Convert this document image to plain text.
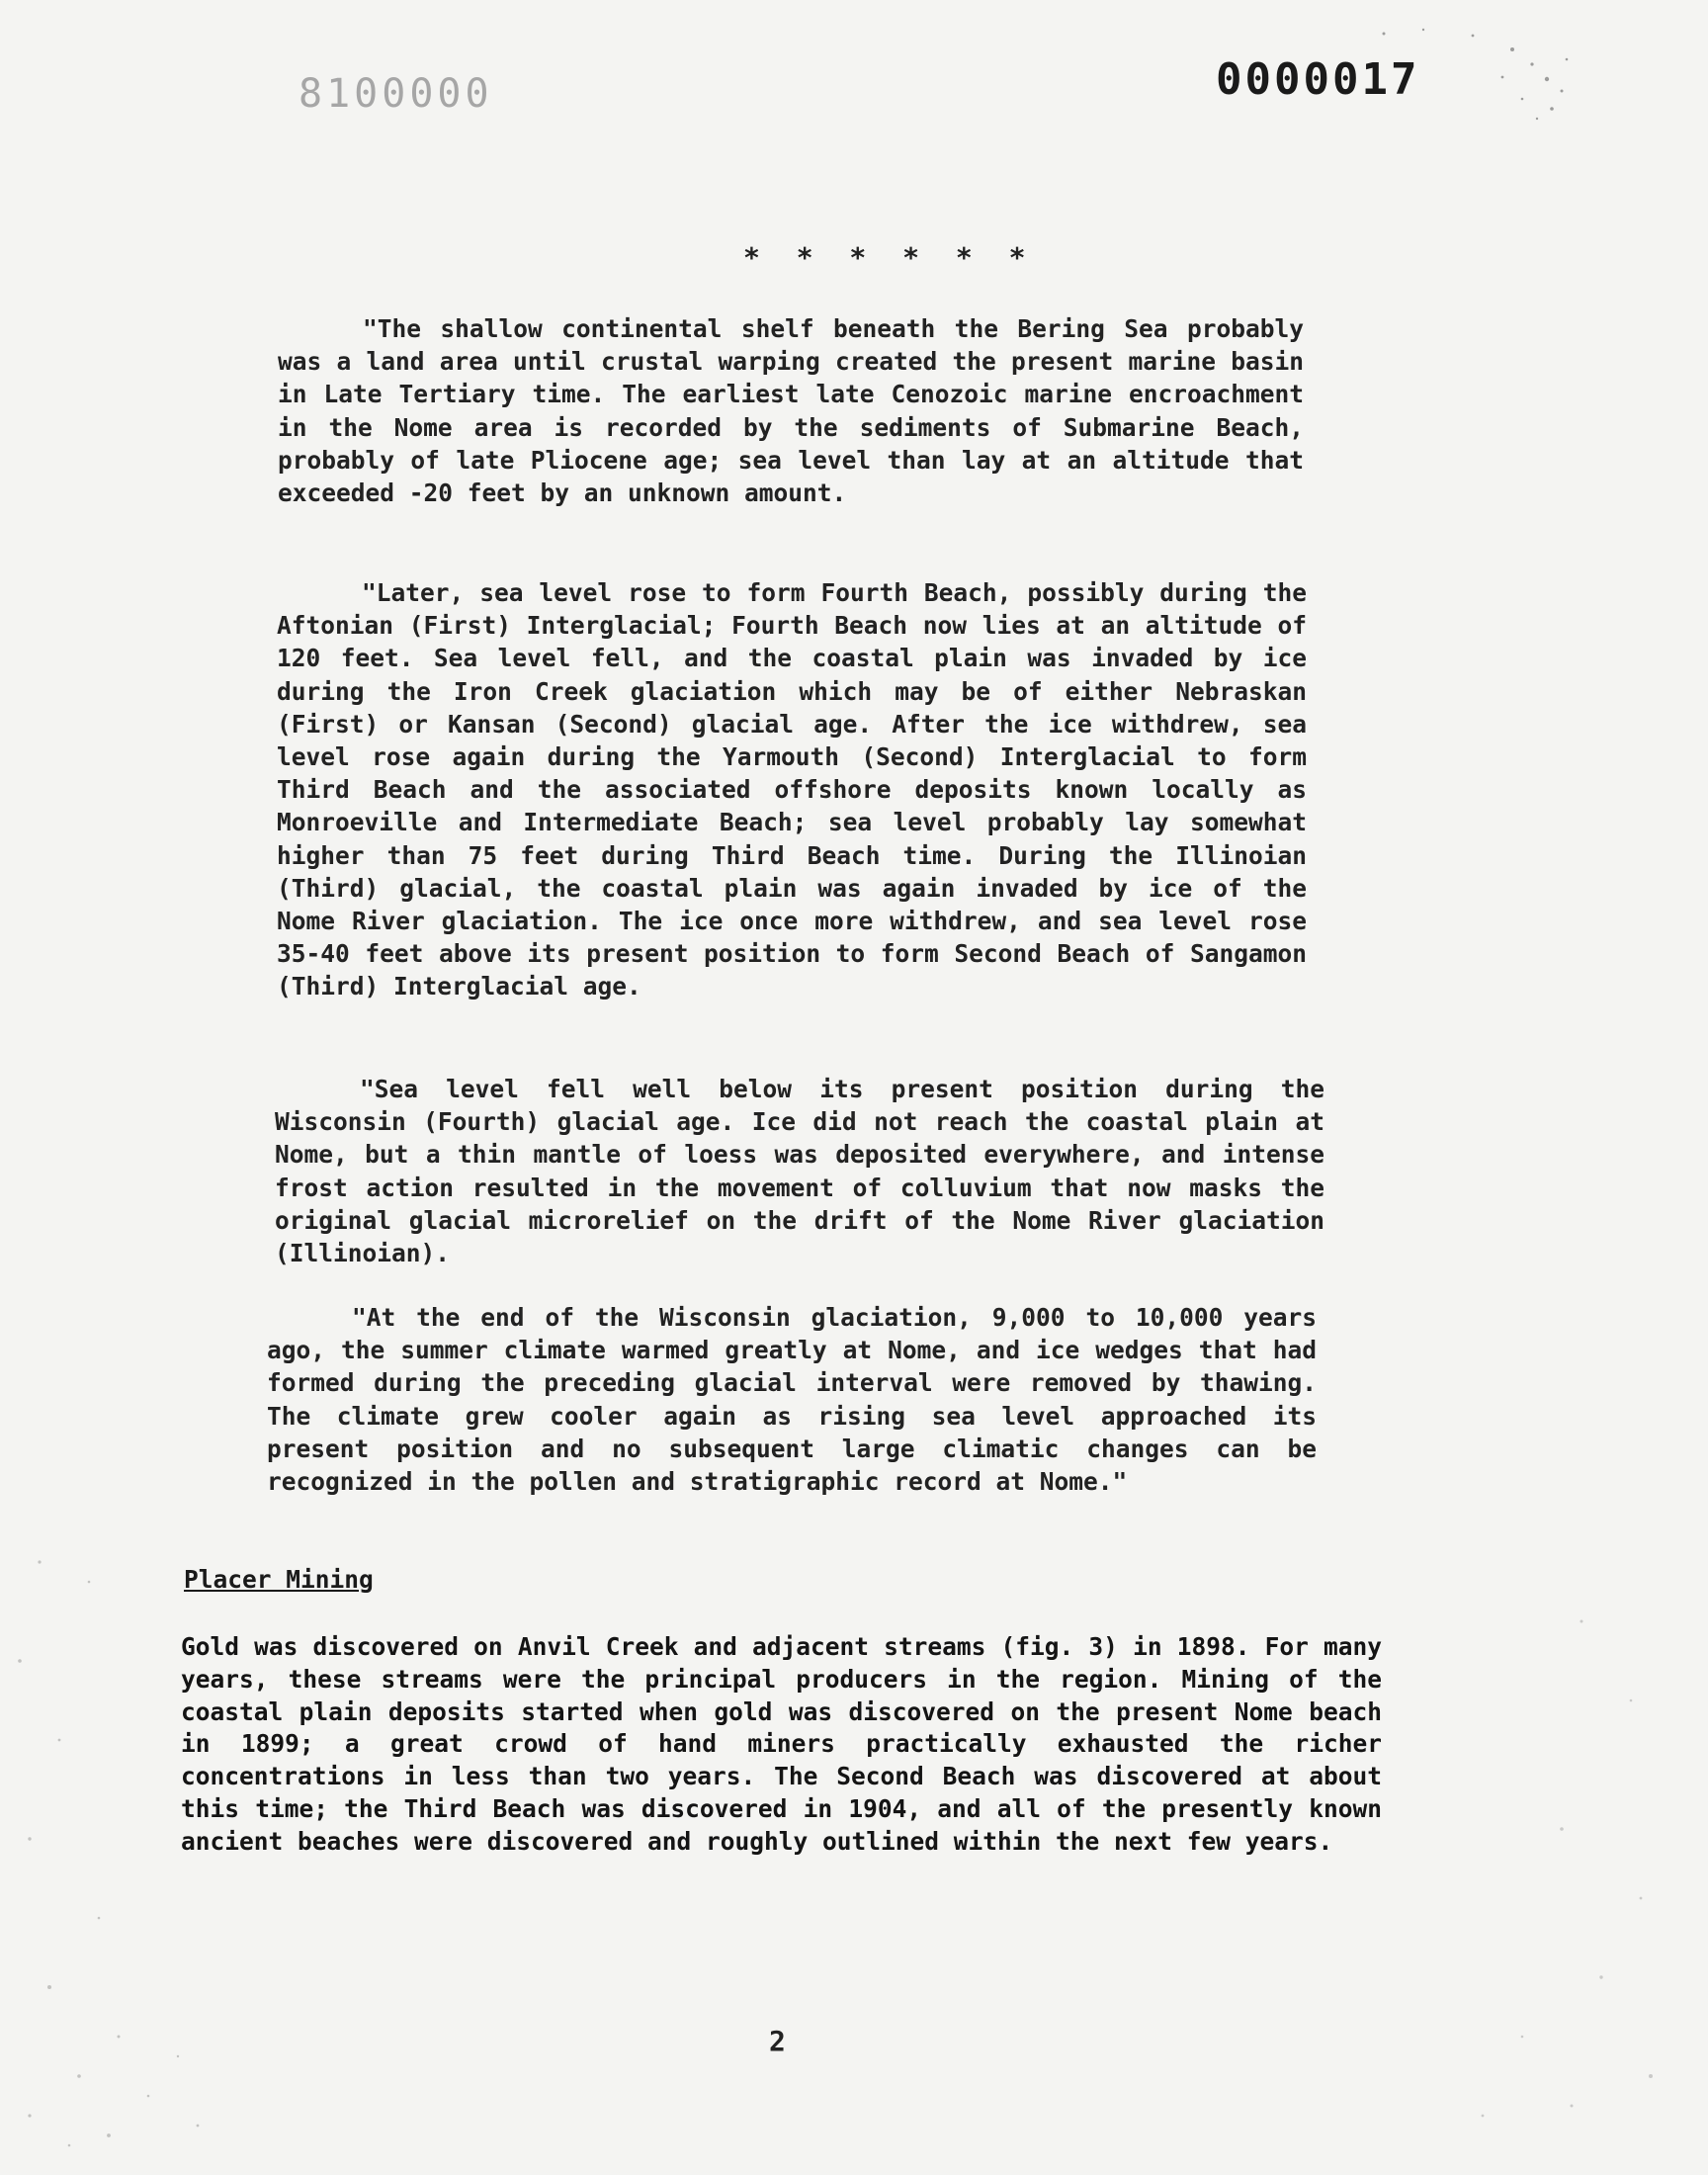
8100000	0000017
* * * * * *

"The shallow continental shelf beneath the Bering Sea probably was a land area until crustal warping created the present marine basin in Late Tertiary time. The earliest late Cenozoic marine encroachment in the Nome area is recorded by the sediments of Submarine Beach, probably of late Pliocene age; sea level than lay at an altitude that exceeded -20 feet by an unknown amount.

"Later, sea level rose to form Fourth Beach, possibly during the Aftonian (First) Interglacial; Fourth Beach now lies at an altitude of 120 feet. Sea level fell, and the coastal plain was invaded by ice during the Iron Creek glaciation which may be of either Nebraskan (First) or Kansan (Second) glacial age. After the ice withdrew, sea level rose again during the Yarmouth (Second) Interglacial to form Third Beach and the associated offshore deposits known locally as Monroeville and Intermediate Beach; sea level probably lay somewhat higher than 75 feet during Third Beach time. During the Illinoian (Third) glacial, the coastal plain was again invaded by ice of the Nome River glaciation. The ice once more withdrew, and sea level rose 35-40 feet above its present position to form Second Beach of Sangamon (Third) Interglacial age.

"Sea level fell well below its present position during the Wisconsin (Fourth) glacial age. Ice did not reach the coastal plain at Nome, but a thin mantle of loess was deposited everywhere, and intense frost action resulted in the movement of colluvium that now masks the original glacial microrelief on the drift of the Nome River glaciation (Illinoian).

"At the end of the Wisconsin glaciation, 9,000 to 10,000 years ago, the summer climate warmed greatly at Nome, and ice wedges that had formed during the preceding glacial interval were removed by thawing. The climate grew cooler again as rising sea level approached its present position and no subsequent large climatic changes can be recognized in the pollen and stratigraphic record at Nome."

Placer Mining

Gold was discovered on Anvil Creek and adjacent streams (fig. 3) in 1898. For many years, these streams were the principal producers in the region. Mining of the coastal plain deposits started when gold was discovered on the present Nome beach in 1899; a great crowd of hand miners practically exhausted the richer concentrations in less than two years. The Second Beach was discovered at about this time; the Third Beach was discovered in 1904, and all of the presently known ancient beaches were discovered and roughly outlined within the next few years.

2
